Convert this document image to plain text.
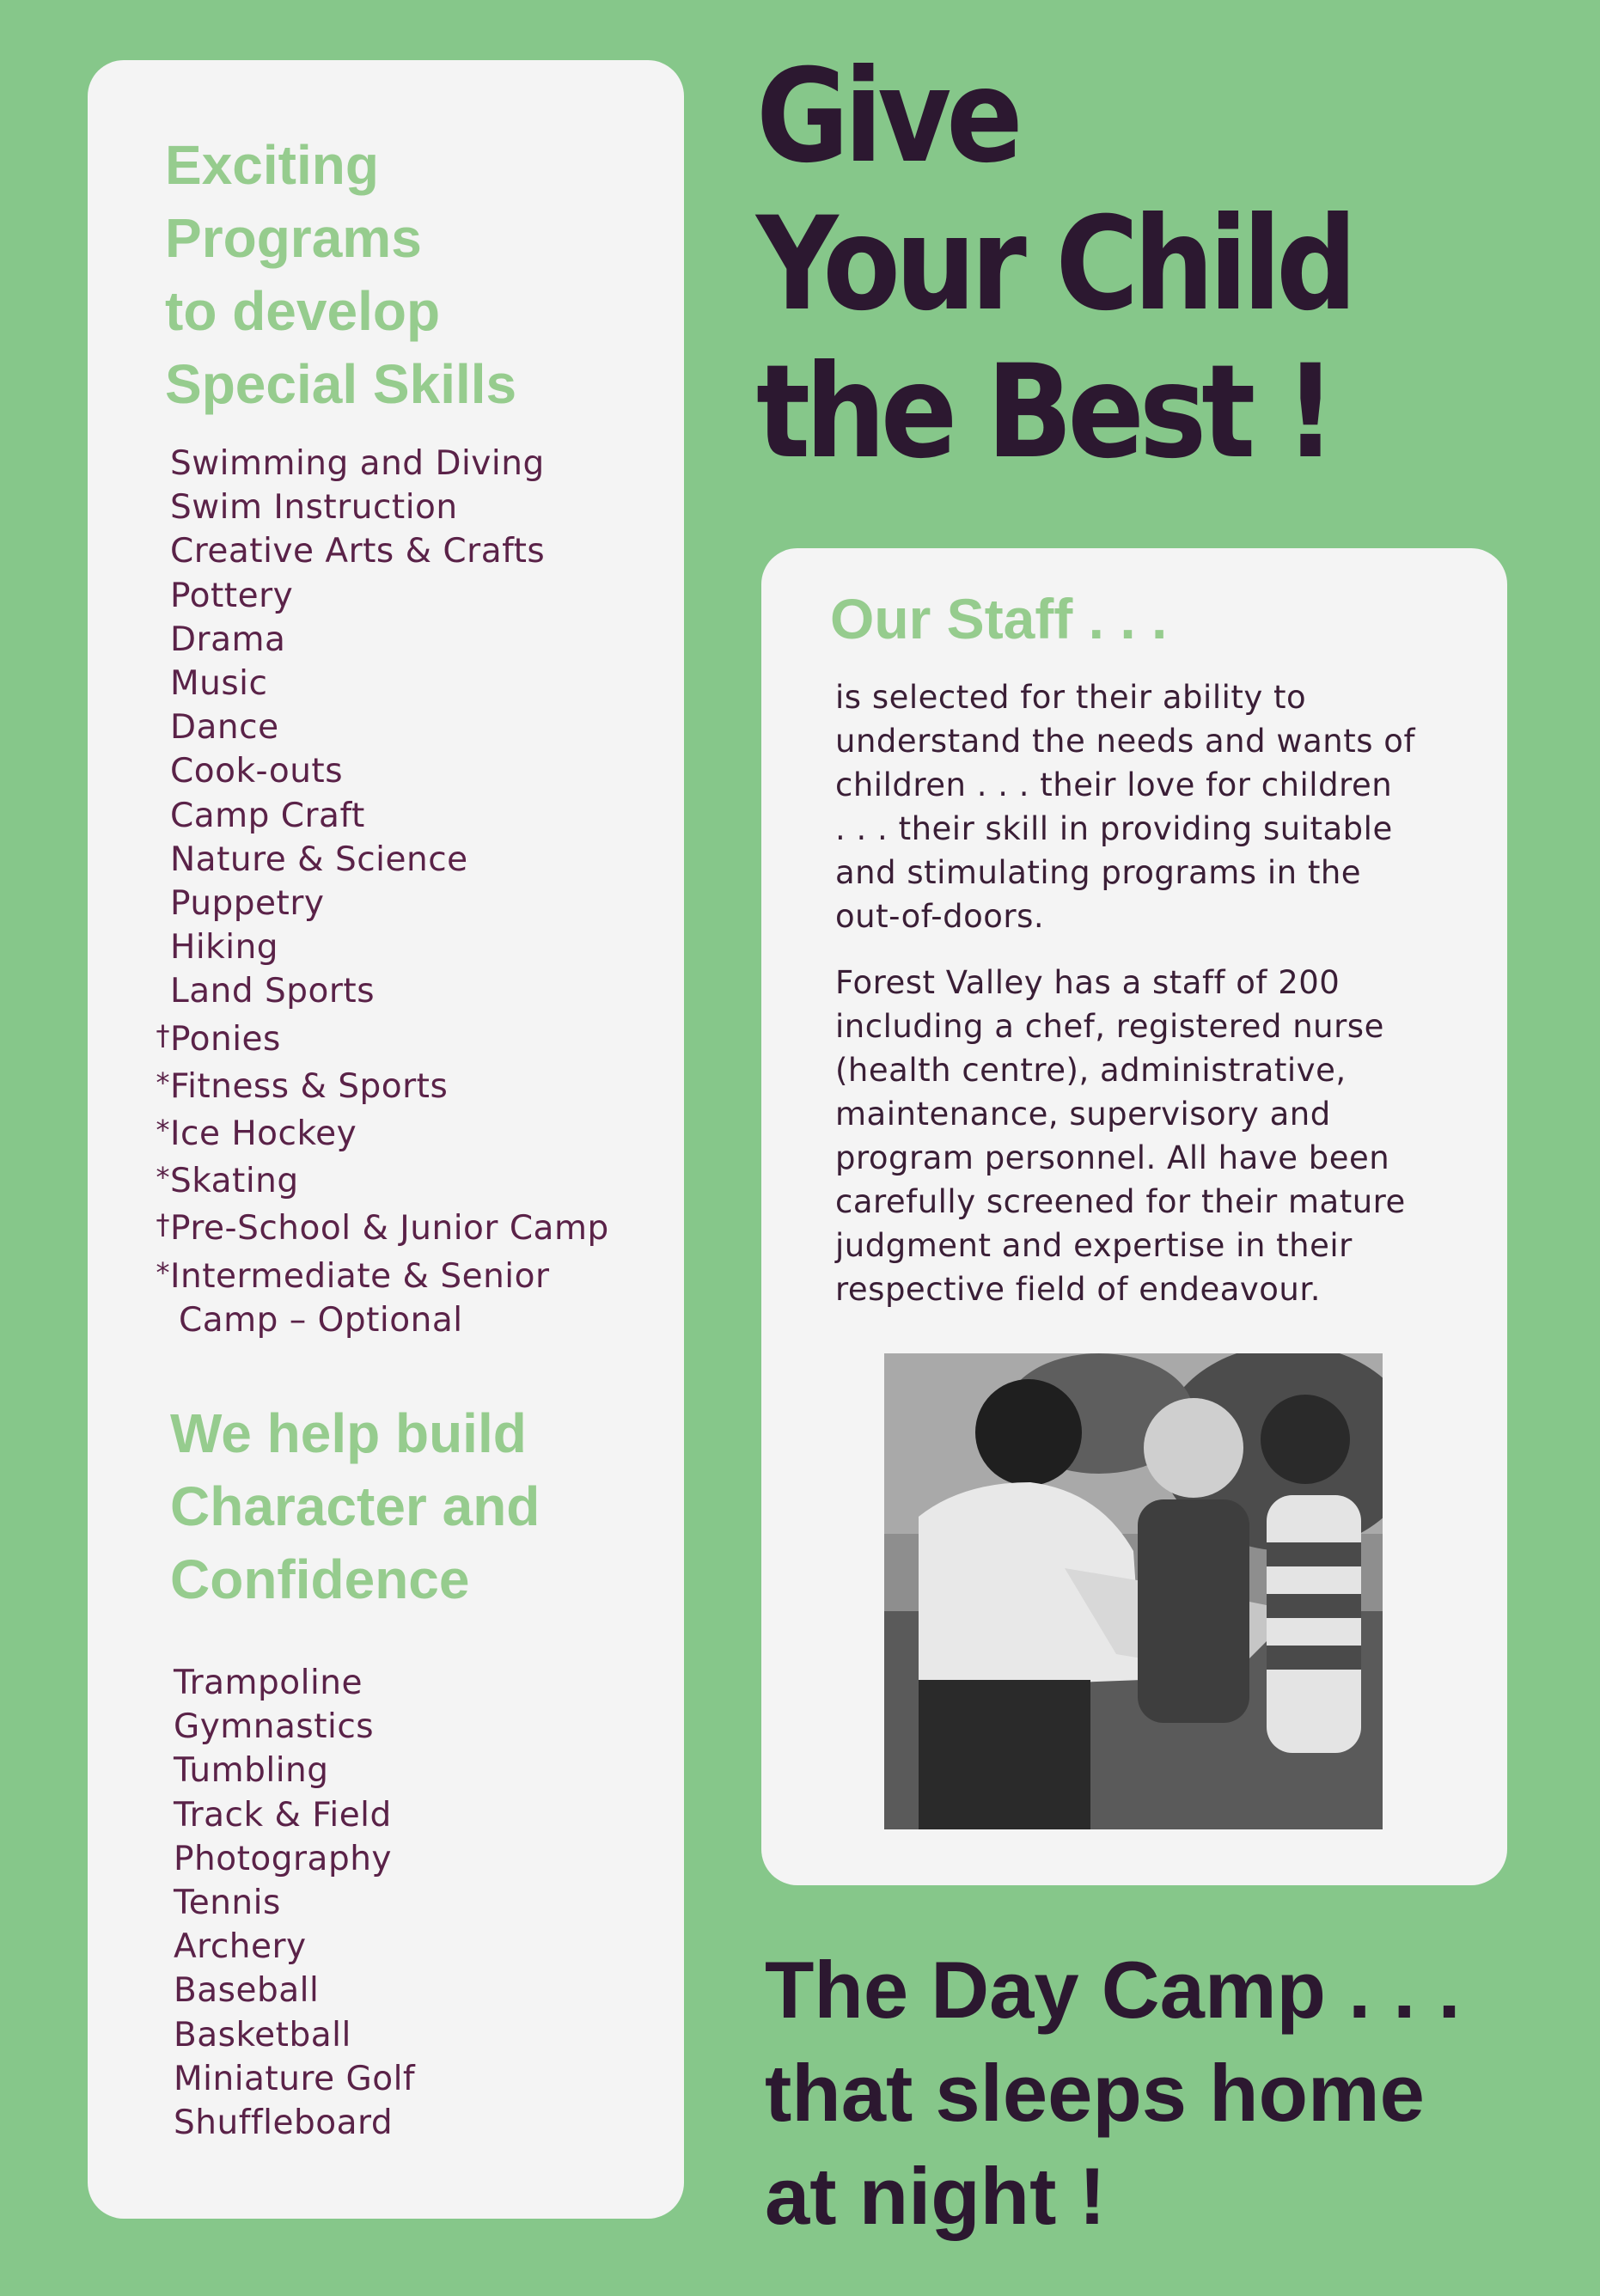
Exciting
Programs
to develop
Special Skills
Swimming and Diving
Swim Instruction
Creative Arts & Crafts
Pottery
Drama
Music
Dance
Cook-outs
Camp Craft
Nature & Science
Puppetry
Hiking
Land Sports
†Ponies
*Fitness & Sports
*Ice Hockey
*Skating
†Pre-School & Junior Camp
*Intermediate & Senior
Camp – Optional
We help build
Character and
Confidence
Trampoline
Gymnastics
Tumbling
Track & Field
Photography
Tennis
Archery
Baseball
Basketball
Miniature Golf
Shuffleboard
Give
Your Child
the Best !
Our Staff . . .

is selected for their ability to
understand the needs and wants of
children . . . their love for children
. . . their skill in providing suitable
and stimulating programs in the
out-of-doors.

Forest Valley has a staff of 200
including a chef, registered nurse
(health centre), administrative,
maintenance, supervisory and
program personnel. All have been
carefully screened for their mature
judgment and expertise in their
respective field of endeavour.

The Day Camp . . .
that sleeps home
at night !
